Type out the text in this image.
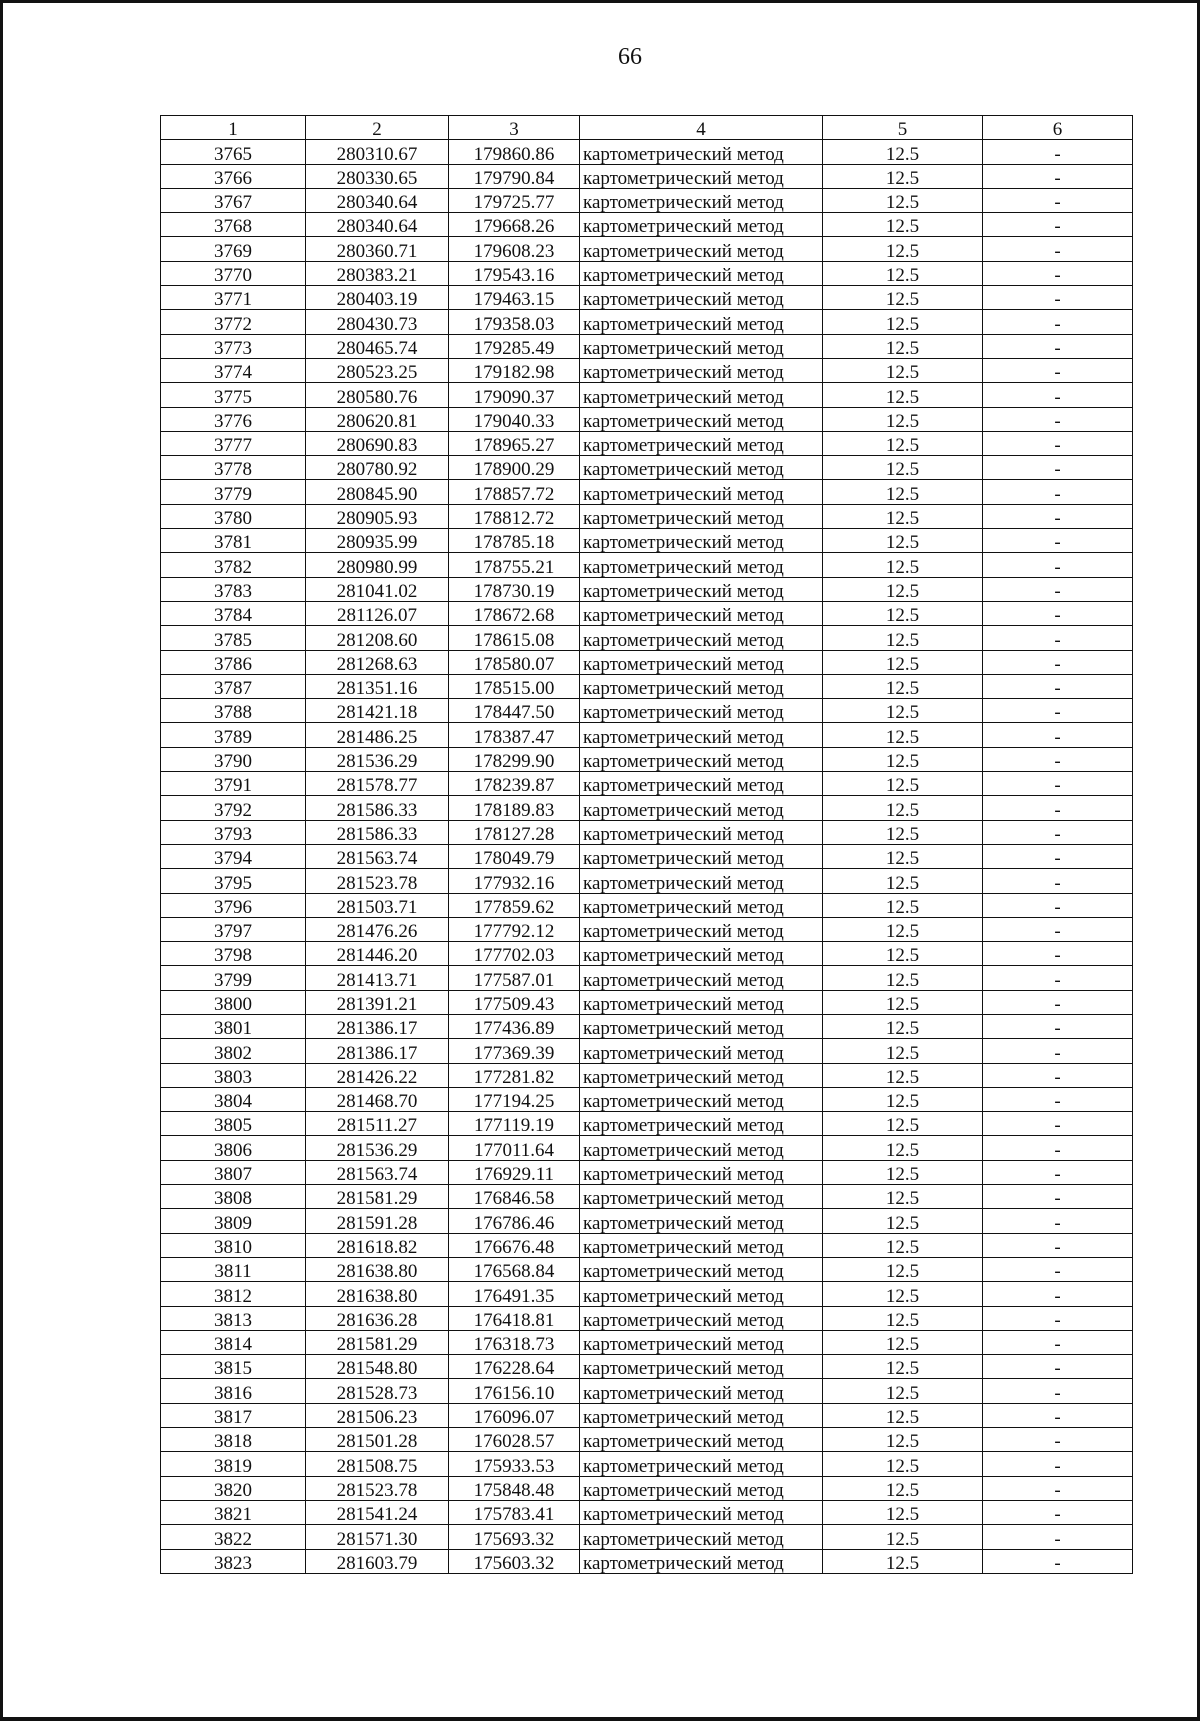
66
1	2	3	4	5	6
3765	280310.67	179860.86	картометрический метод	12.5	-
3766	280330.65	179790.84	картометрический метод	12.5	-
3767	280340.64	179725.77	картометрический метод	12.5	-
3768	280340.64	179668.26	картометрический метод	12.5	-
3769	280360.71	179608.23	картометрический метод	12.5	-
3770	280383.21	179543.16	картометрический метод	12.5	-
3771	280403.19	179463.15	картометрический метод	12.5	-
3772	280430.73	179358.03	картометрический метод	12.5	-
3773	280465.74	179285.49	картометрический метод	12.5	-
3774	280523.25	179182.98	картометрический метод	12.5	-
3775	280580.76	179090.37	картометрический метод	12.5	-
3776	280620.81	179040.33	картометрический метод	12.5	-
3777	280690.83	178965.27	картометрический метод	12.5	-
3778	280780.92	178900.29	картометрический метод	12.5	-
3779	280845.90	178857.72	картометрический метод	12.5	-
3780	280905.93	178812.72	картометрический метод	12.5	-
3781	280935.99	178785.18	картометрический метод	12.5	-
3782	280980.99	178755.21	картометрический метод	12.5	-
3783	281041.02	178730.19	картометрический метод	12.5	-
3784	281126.07	178672.68	картометрический метод	12.5	-
3785	281208.60	178615.08	картометрический метод	12.5	-
3786	281268.63	178580.07	картометрический метод	12.5	-
3787	281351.16	178515.00	картометрический метод	12.5	-
3788	281421.18	178447.50	картометрический метод	12.5	-
3789	281486.25	178387.47	картометрический метод	12.5	-
3790	281536.29	178299.90	картометрический метод	12.5	-
3791	281578.77	178239.87	картометрический метод	12.5	-
3792	281586.33	178189.83	картометрический метод	12.5	-
3793	281586.33	178127.28	картометрический метод	12.5	-
3794	281563.74	178049.79	картометрический метод	12.5	-
3795	281523.78	177932.16	картометрический метод	12.5	-
3796	281503.71	177859.62	картометрический метод	12.5	-
3797	281476.26	177792.12	картометрический метод	12.5	-
3798	281446.20	177702.03	картометрический метод	12.5	-
3799	281413.71	177587.01	картометрический метод	12.5	-
3800	281391.21	177509.43	картометрический метод	12.5	-
3801	281386.17	177436.89	картометрический метод	12.5	-
3802	281386.17	177369.39	картометрический метод	12.5	-
3803	281426.22	177281.82	картометрический метод	12.5	-
3804	281468.70	177194.25	картометрический метод	12.5	-
3805	281511.27	177119.19	картометрический метод	12.5	-
3806	281536.29	177011.64	картометрический метод	12.5	-
3807	281563.74	176929.11	картометрический метод	12.5	-
3808	281581.29	176846.58	картометрический метод	12.5	-
3809	281591.28	176786.46	картометрический метод	12.5	-
3810	281618.82	176676.48	картометрический метод	12.5	-
3811	281638.80	176568.84	картометрический метод	12.5	-
3812	281638.80	176491.35	картометрический метод	12.5	-
3813	281636.28	176418.81	картометрический метод	12.5	-
3814	281581.29	176318.73	картометрический метод	12.5	-
3815	281548.80	176228.64	картометрический метод	12.5	-
3816	281528.73	176156.10	картометрический метод	12.5	-
3817	281506.23	176096.07	картометрический метод	12.5	-
3818	281501.28	176028.57	картометрический метод	12.5	-
3819	281508.75	175933.53	картометрический метод	12.5	-
3820	281523.78	175848.48	картометрический метод	12.5	-
3821	281541.24	175783.41	картометрический метод	12.5	-
3822	281571.30	175693.32	картометрический метод	12.5	-
3823	281603.79	175603.32	картометрический метод	12.5	-
